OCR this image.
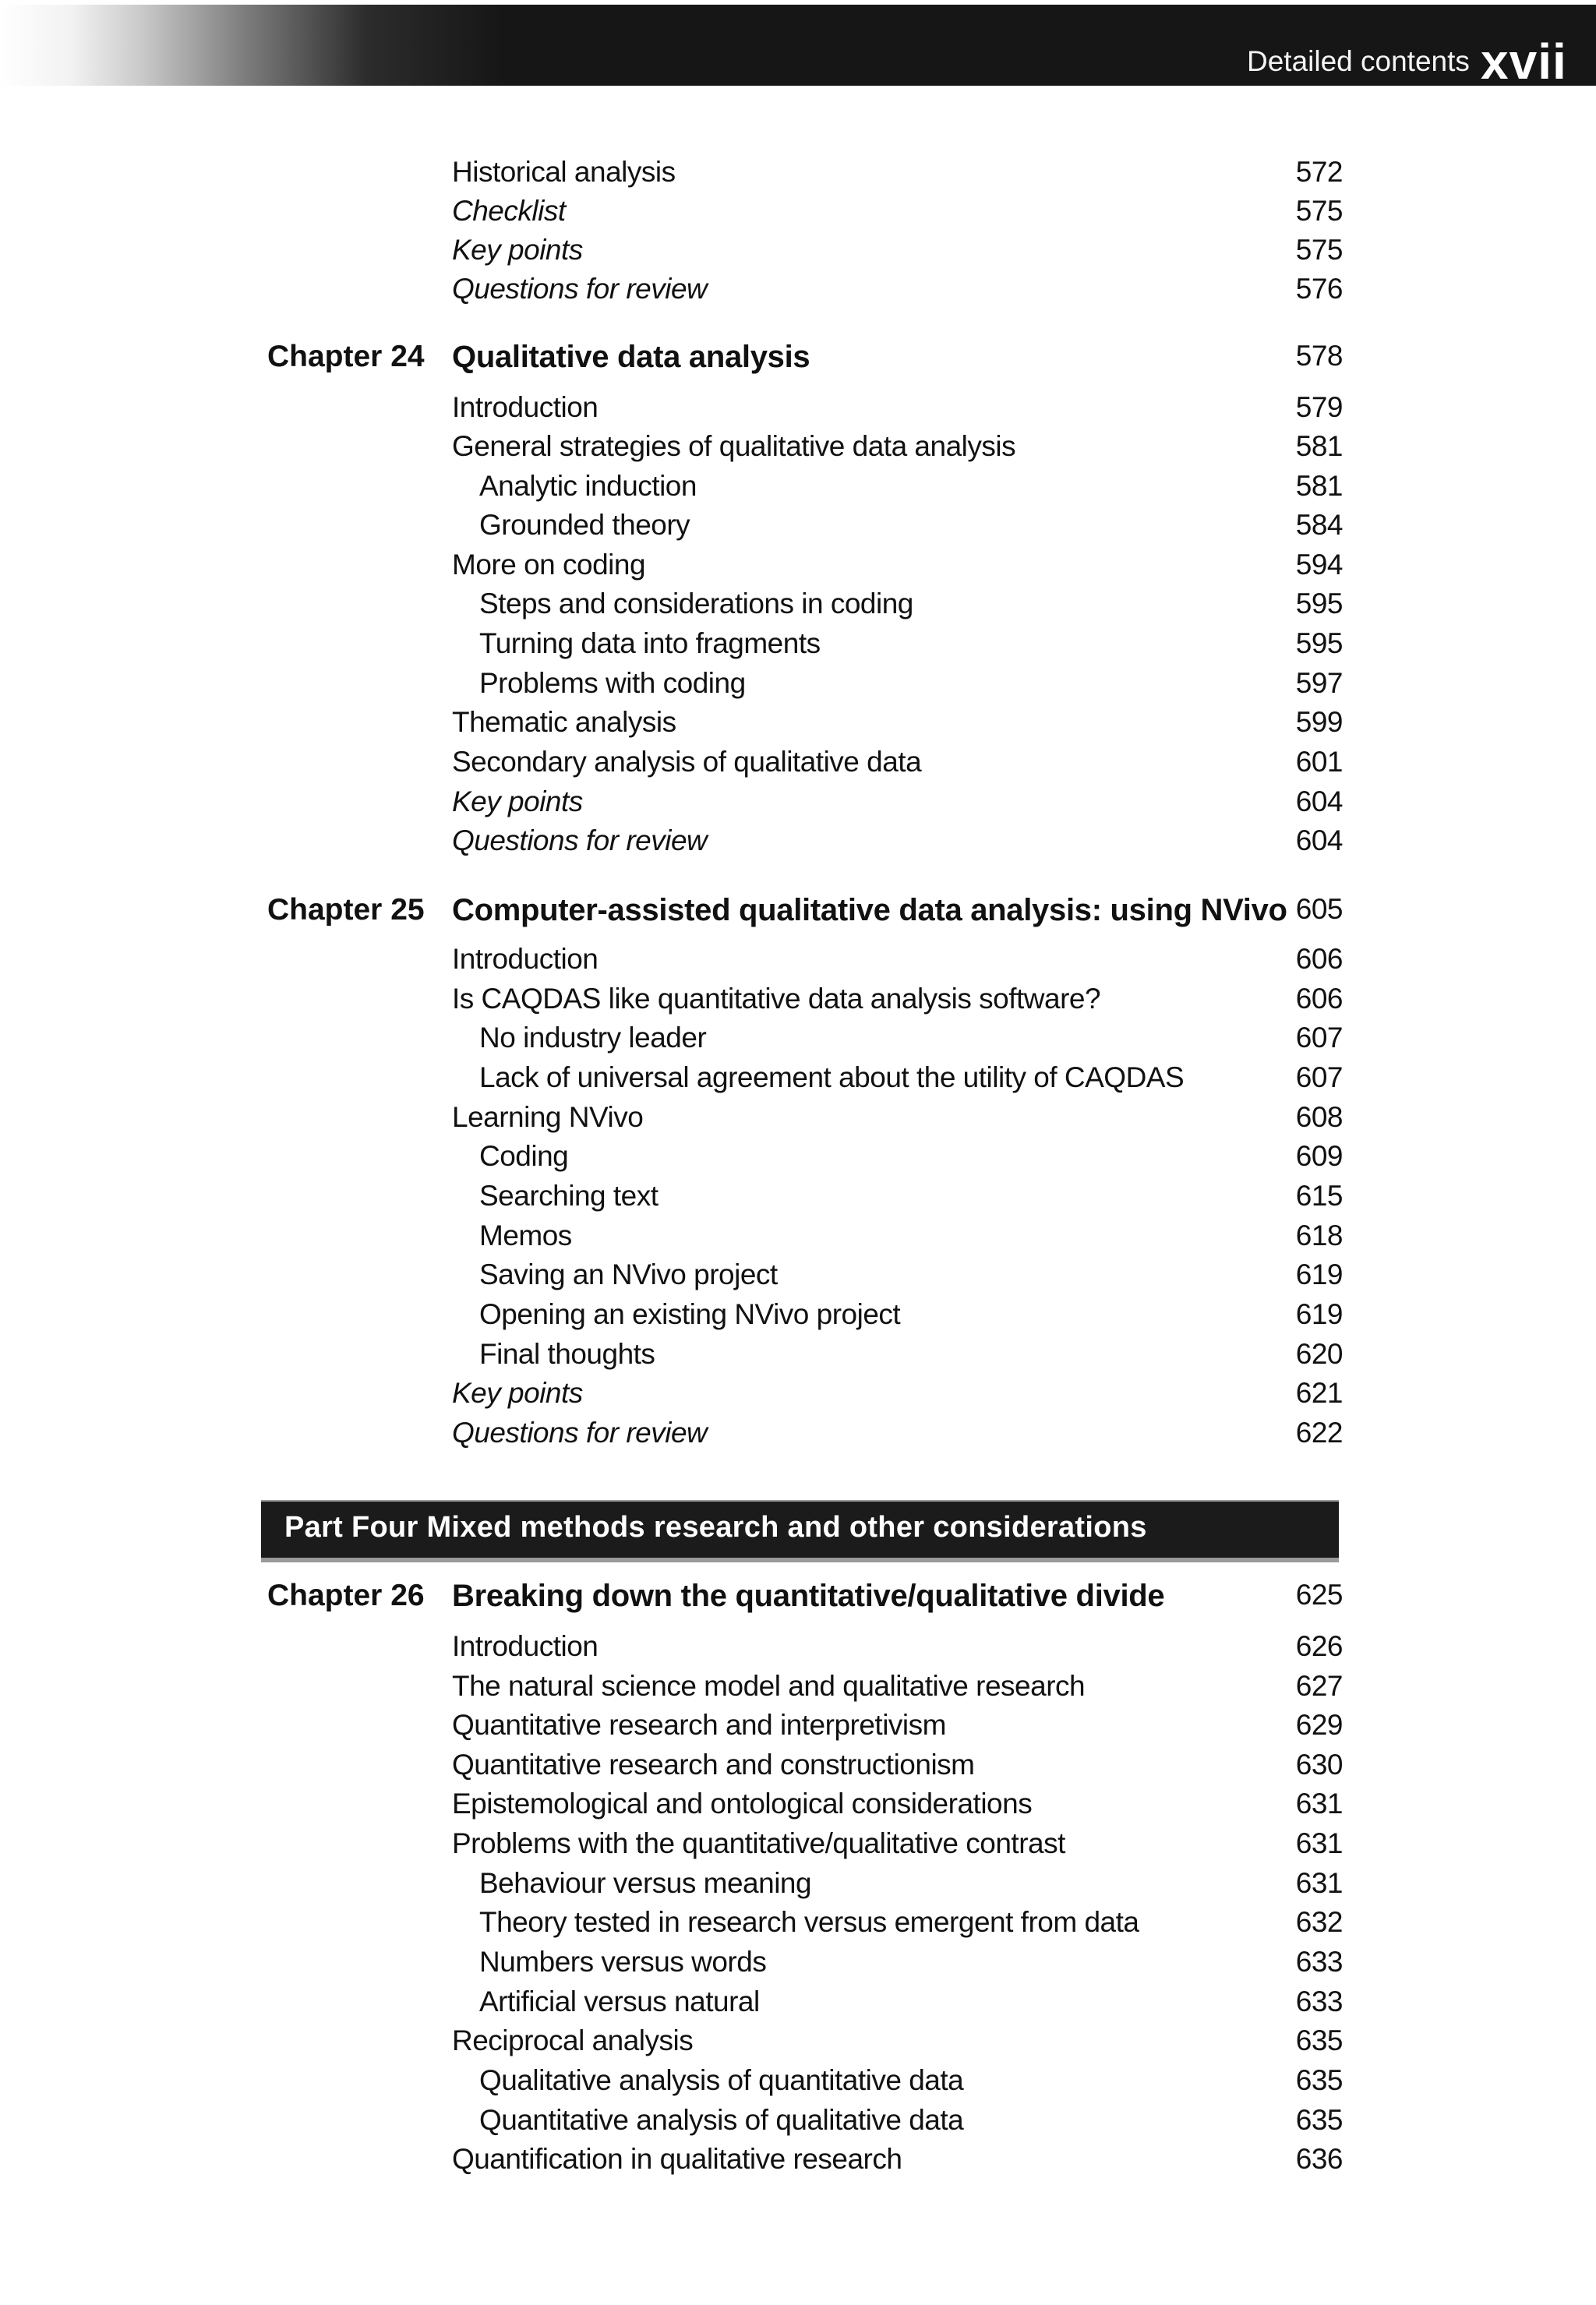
Detailed contents xvii
Historical analysis	572
Checklist	575
Key points	575
Questions for review	576
Chapter 24 Qualitative data analysis	578
Introduction	579
General strategies of qualitative data analysis	581
Analytic induction	581
Grounded theory	584
More on coding	594
Steps and considerations in coding	595
Turning data into fragments	595
Problems with coding	597
Thematic analysis	599
Secondary analysis of qualitative data	601
Key points	604
Questions for review	604
Chapter 25 Computer-assisted qualitative data analysis: using NVivo 605
Introduction	606
Is CAQDAS like quantitative data analysis software?	606
No industry leader	607
Lack of universal agreement about the utility of CAQDAS	607
Learning NVivo	608
Coding	609
Searching text	615
Memos	618
Saving an NVivo project	619
Opening an existing NVivo project	619
Final thoughts	620
Key points	621
Questions for review	622
Part Four Mixed methods research and other considerations
Chapter 26 Breaking down the quantitative/qualitative divide	625
Introduction	626
The natural science model and qualitative research	627
Quantitative research and interpretivism	629
Quantitative research and constructionism	630
Epistemological and ontological considerations	631
Problems with the quantitative/qualitative contrast	631
Behaviour versus meaning	631
Theory tested in research versus emergent from data	632
Numbers versus words	633
Artificial versus natural	633
Reciprocal analysis	635
Qualitative analysis of quantitative data	635
Quantitative analysis of qualitative data	635
Quantification in qualitative research	636
